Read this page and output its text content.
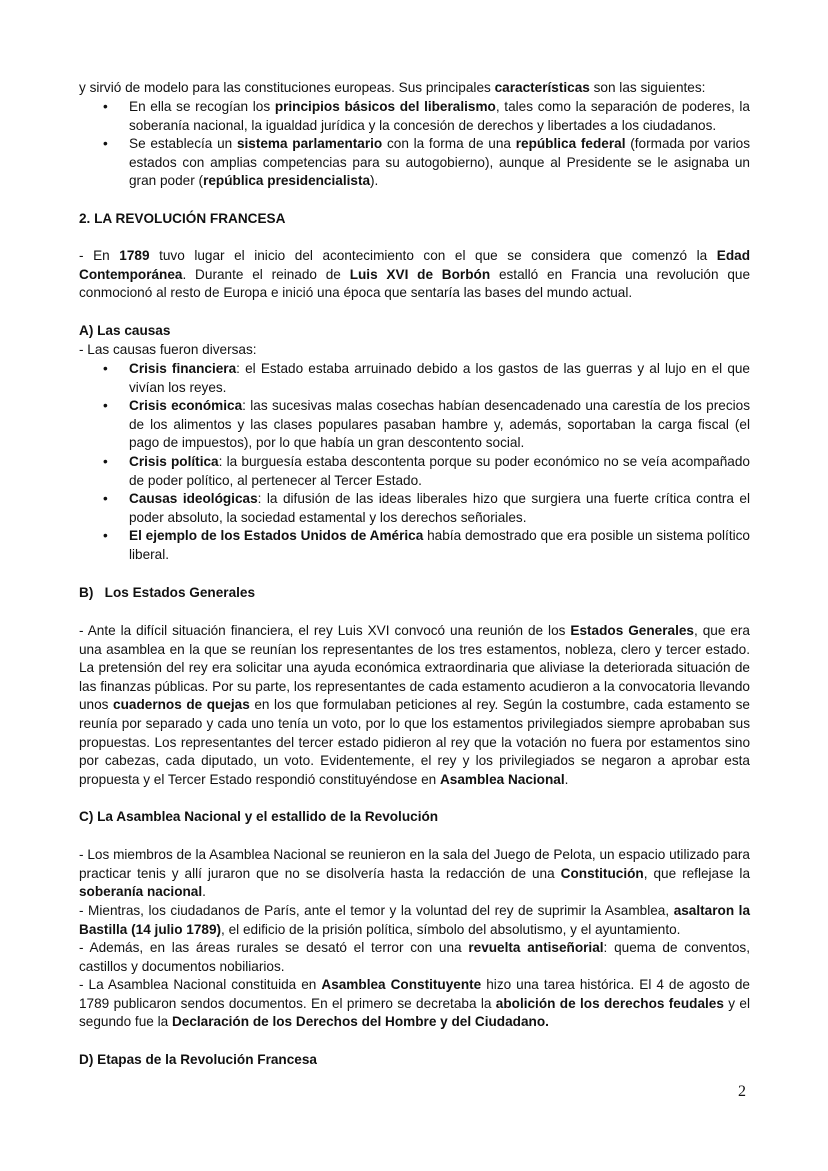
y sirvió de modelo para las constituciones europeas. Sus principales características son las siguientes:
• En ella se recogían los principios básicos del liberalismo, tales como la separación de poderes, la soberanía nacional, la igualdad jurídica y la concesión de derechos y libertades a los ciudadanos.
• Se establecía un sistema parlamentario con la forma de una república federal (formada por varios estados con amplias competencias para su autogobierno), aunque al Presidente se le asignaba un gran poder (república presidencialista).
2. LA REVOLUCIÓN FRANCESA
- En 1789 tuvo lugar el inicio del acontecimiento con el que se considera que comenzó la Edad Contemporánea. Durante el reinado de Luis XVI de Borbón estalló en Francia una revolución que conmocionó al resto de Europa e inició una época que sentaría las bases del mundo actual.
A) Las causas
- Las causas fueron diversas:
• Crisis financiera: el Estado estaba arruinado debido a los gastos de las guerras y al lujo en el que vivían los reyes.
• Crisis económica: las sucesivas malas cosechas habían desencadenado una carestía de los precios de los alimentos y las clases populares pasaban hambre y, además, soportaban la carga fiscal (el pago de impuestos), por lo que había un gran descontento social.
• Crisis política: la burguesía estaba descontenta porque su poder económico no se veía acompañado de poder político, al pertenecer al Tercer Estado.
• Causas ideológicas: la difusión de las ideas liberales hizo que surgiera una fuerte crítica contra el poder absoluto, la sociedad estamental y los derechos señoriales.
• El ejemplo de los Estados Unidos de América había demostrado que era posible un sistema político liberal.
B)   Los Estados Generales
- Ante la difícil situación financiera, el rey Luis XVI convocó una reunión de los Estados Generales, que era una asamblea en la que se reunían los representantes de los tres estamentos, nobleza, clero y tercer estado. La pretensión del rey era solicitar una ayuda económica extraordinaria que aliviase la deteriorada situación de las finanzas públicas. Por su parte, los representantes de cada estamento acudieron a la convocatoria llevando unos cuadernos de quejas en los que formulaban peticiones al rey. Según la costumbre, cada estamento se reunía por separado y cada uno tenía un voto, por lo que los estamentos privilegiados siempre aprobaban sus propuestas. Los representantes del tercer estado pidieron al rey que la votación no fuera por estamentos sino por cabezas, cada diputado, un voto. Evidentemente, el rey y los privilegiados se negaron a aprobar esta propuesta y el Tercer Estado respondió constituyéndose en Asamblea Nacional.
C) La Asamblea Nacional y el estallido de la Revolución
- Los miembros de la Asamblea Nacional se reunieron en la sala del Juego de Pelota, un espacio utilizado para practicar tenis y allí juraron que no se disolvería hasta la redacción de una Constitución, que reflejase la soberanía nacional.
- Mientras, los ciudadanos de París, ante el temor y la voluntad del rey de suprimir la Asamblea, asaltaron la Bastilla (14 julio 1789), el edificio de la prisión política, símbolo del absolutismo, y el ayuntamiento.
- Además, en las áreas rurales se desató el terror con una revuelta antiseñorial: quema de conventos, castillos y documentos nobiliarios.
- La Asamblea Nacional constituida en Asamblea Constituyente hizo una tarea histórica. El 4 de agosto de 1789 publicaron sendos documentos. En el primero se decretaba la abolición de los derechos feudales y el segundo fue la Declaración de los Derechos del Hombre y del Ciudadano.
D) Etapas de la Revolución Francesa
2
